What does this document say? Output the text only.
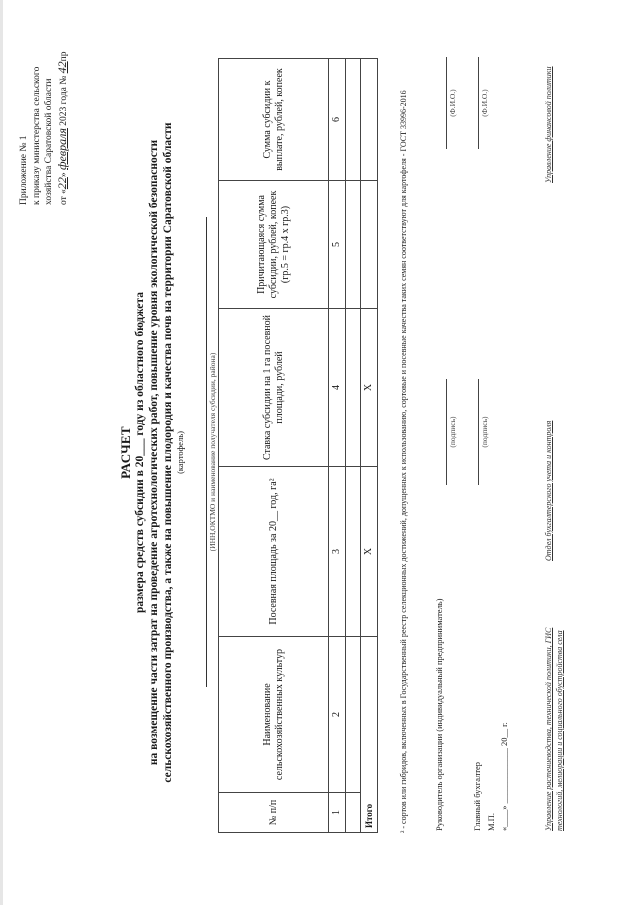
Приложение № 1 к приказу министерства сельского хозяйства Саратовской области от «22» февраля 2023 года № 42пр
РАСЧЕТ размера средств субсидии в 20___ году из областного бюджета на возмещение части затрат на проведение агротехнологических работ, повышение уровня экологической безопасности сельскохозяйственного производства, а также на повышение плодородия и качества почв на территории Саратовской области (картофель)	(ИНН,ОКТМО и наименование получателя субсидии, района)
№ п/п	Наименование сельскохозяйственных культур	Посевная площадь за 20__ год, га²	Ставка субсидии на 1 га посевной площади, рублей	Причитающаяся сумма субсидии, рублей, копеек (гр.5 = гр.4 х гр.3)	Сумма субсидии к выплате, рублей, копеек
1	2	3	4	5	6

Итого		X	X			² - сортов или гибридов, включенных в Государственный реестр селекционных достижений, допущенных к использованию, сортовые и посевные качества таких семян соответствуют для картофеля - ГОСТ 33996-2016	Руководитель организации (индивидуальный предприниматель)
(подпись)
(Ф.И.О.)
Главный бухгалтер
(подпись)
(Ф.И.О.)
М.П. «____» _____________ 20__ г.	Управление растениеводства, технической политики, ГИС технологий, мелиорации и социального обустройства села
Отдел бухгалтерского учета и контроля
Управление финансовой политики
